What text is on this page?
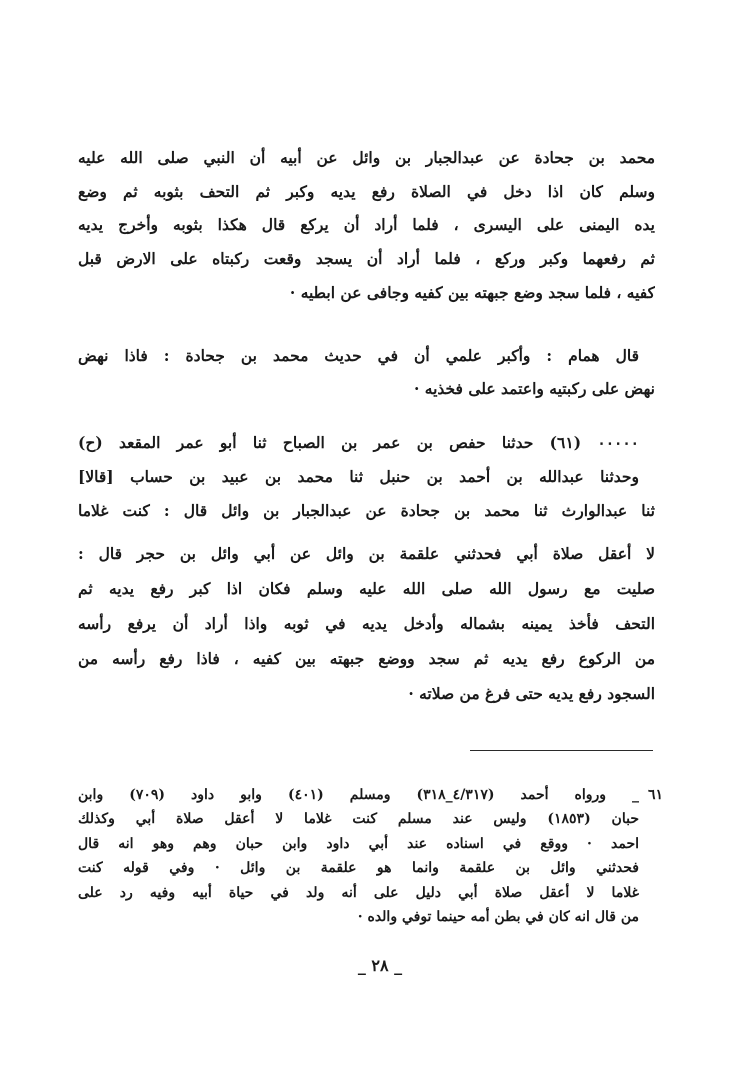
محمد بن جحادة عن عبدالجبار بن وائل عن أبيه أن النبي صلى الله عليه
وسلم كان اذا دخل في الصلاة رفع يديه وكبر ثم التحف بثوبه ثم وضع
يده اليمنى على اليسرى ، فلما أراد أن يركع قال هكذا بثوبه وأخرج يديه
ثم رفعهما وكبر وركع ، فلما أراد أن يسجد وقعت ركبتاه على الارض قبل
كفيه ، فلما سجد وضع جبهته بين كفيه وجافى عن ابطيه ·
قال همام : وأكبر علمي أن في حديث محمد بن جحادة : فاذا نهض
نهض على ركبتيه واعتمد على فخذيه ·
٠٠٠٠٠ (٦١) حدثنا حفص بن عمر بن الصباح ثنا أبو عمر المقعد (ح)
وحدثنا عبدالله بن أحمد بن حنبل ثنا محمد بن عبيد بن حساب [قالا]
ثنا عبدالوارث ثنا محمد بن جحادة عن عبدالجبار بن وائل قال : كنت غلاما
لا أعقل صلاة أبي فحدثني علقمة بن وائل عن أبي وائل بن حجر قال :
صليت مع رسول الله صلى الله عليه وسلم فكان اذا كبر رفع يديه ثم
التحف فأخذ يمينه بشماله وأدخل يديه في ثوبه واذا أراد أن يرفع رأسه
من الركوع رفع يديه ثم سجد ووضع جبهته بين كفيه ، فاذا رفع رأسه من
السجود رفع يديه حتى فرغ من صلاته ·
٦١
_ ورواه أحمد (٤/٣١٧_٣١٨) ومسلم (٤٠١) وابو داود (٧٠٩) وابن
حبان (١٨٥٣) وليس عند مسلم كنت غلاما لا أعقل صلاة أبي وكذلك
احمد · ووقع في اسناده عند أبي داود وابن حبان وهم وهو انه قال
فحدثني وائل بن علقمة وانما هو علقمة بن وائل · وفي قوله كنت
غلاما لا أعقل صلاة أبي دليل على أنه ولد في حياة أبيه وفيه رد على
من قال انه كان في بطن أمه حينما توفي والده ·
_ ٢٨ _
